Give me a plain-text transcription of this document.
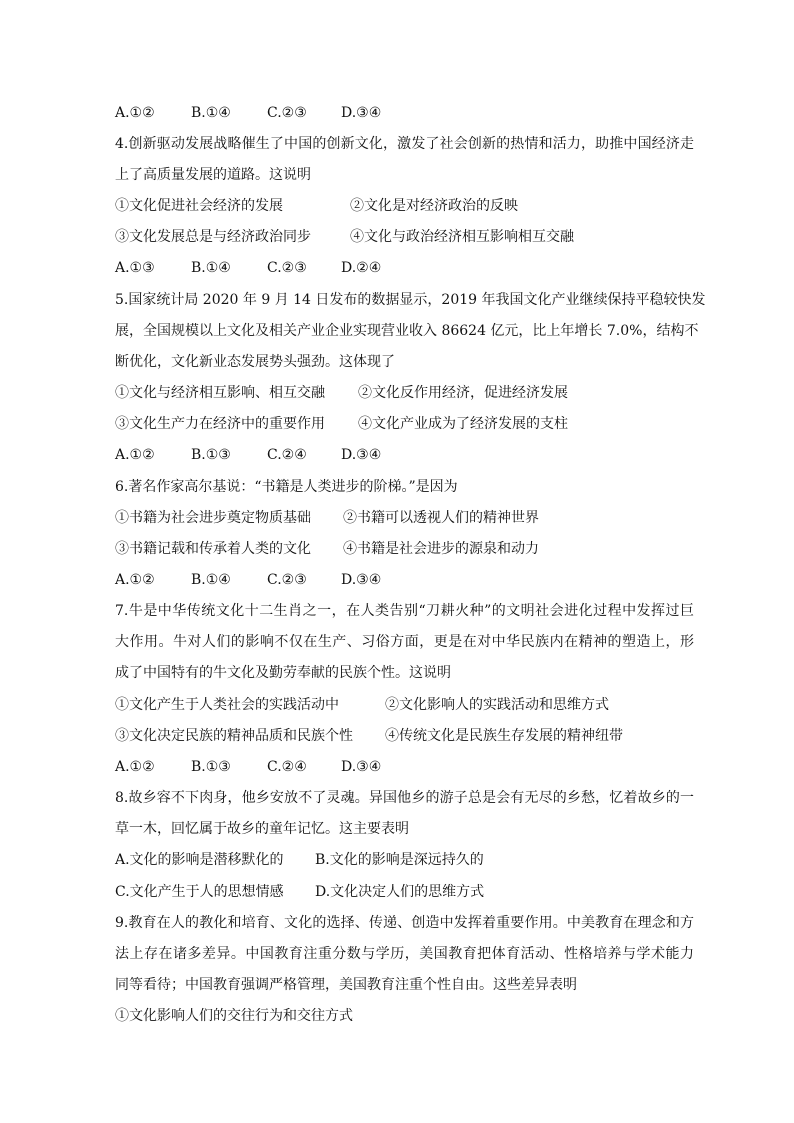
A.①②	B.①④	C.②③ D.③④
4.创新驱动发展战略催生了中国的创新文化，激发了社会创新的热情和活力，助推中国经济走
上了高质量发展的道路。这说明
①文化促进社会经济的发展	②文化是对经济政治的反映
③文化发展总是与经济政治同步	④文化与政治经济相互影响相互交融
A.①③	B.①④	C.②③ D.②④
5.国家统计局 2020 年 9 月 14 日发布的数据显示，2019 年我国文化产业继续保持平稳较快发
展，全国规模以上文化及相关产业企业实现营业收入 86624 亿元，比上年增长 7.0%，结构不
断优化，文化新业态发展势头强劲。这体现了
①文化与经济相互影响、相互交融 ②文化反作用经济，促进经济发展
③文化生产力在经济中的重要作用 ④文化产业成为了经济发展的支柱
A.①②	B.①③	C.②④ D.③④
6.著名作家高尔基说：“书籍是人类进步的阶梯。”是因为
①书籍为社会进步奠定物质基础 ②书籍可以透视人们的精神世界
③书籍记载和传承着人类的文化 ④书籍是社会进步的源泉和动力
A.①②	B.①④	C.②③ D.③④
7.牛是中华传统文化十二生肖之一，在人类告别“刀耕火种”的文明社会进化过程中发挥过巨
大作用。牛对人们的影响不仅在生产、习俗方面，更是在对中华民族内在精神的塑造上，形
成了中国特有的牛文化及勤劳奉献的民族个性。这说明
①文化产生于人类社会的实践活动中	②文化影响人的实践活动和思维方式
③文化决定民族的精神品质和民族个性 ④传统文化是民族生存发展的精神纽带
A.①②	B.①③	C.②④ D.③④
8.故乡容不下肉身，他乡安放不了灵魂。异国他乡的游子总是会有无尽的乡愁，忆着故乡的一
草一木，回忆属于故乡的童年记忆。这主要表明
A.文化的影响是潜移默化的 B.文化的影响是深远持久的
C.文化产生于人的思想情感 D.文化决定人们的思维方式
9.教育在人的教化和培育、文化的选择、传递、创造中发挥着重要作用。中美教育在理念和方
法上存在诸多差异。中国教育注重分数与学历，美国教育把体育活动、性格培养与学术能力
同等看待；中国教育强调严格管理，美国教育注重个性自由。这些差异表明
①文化影响人们的交往行为和交往方式
